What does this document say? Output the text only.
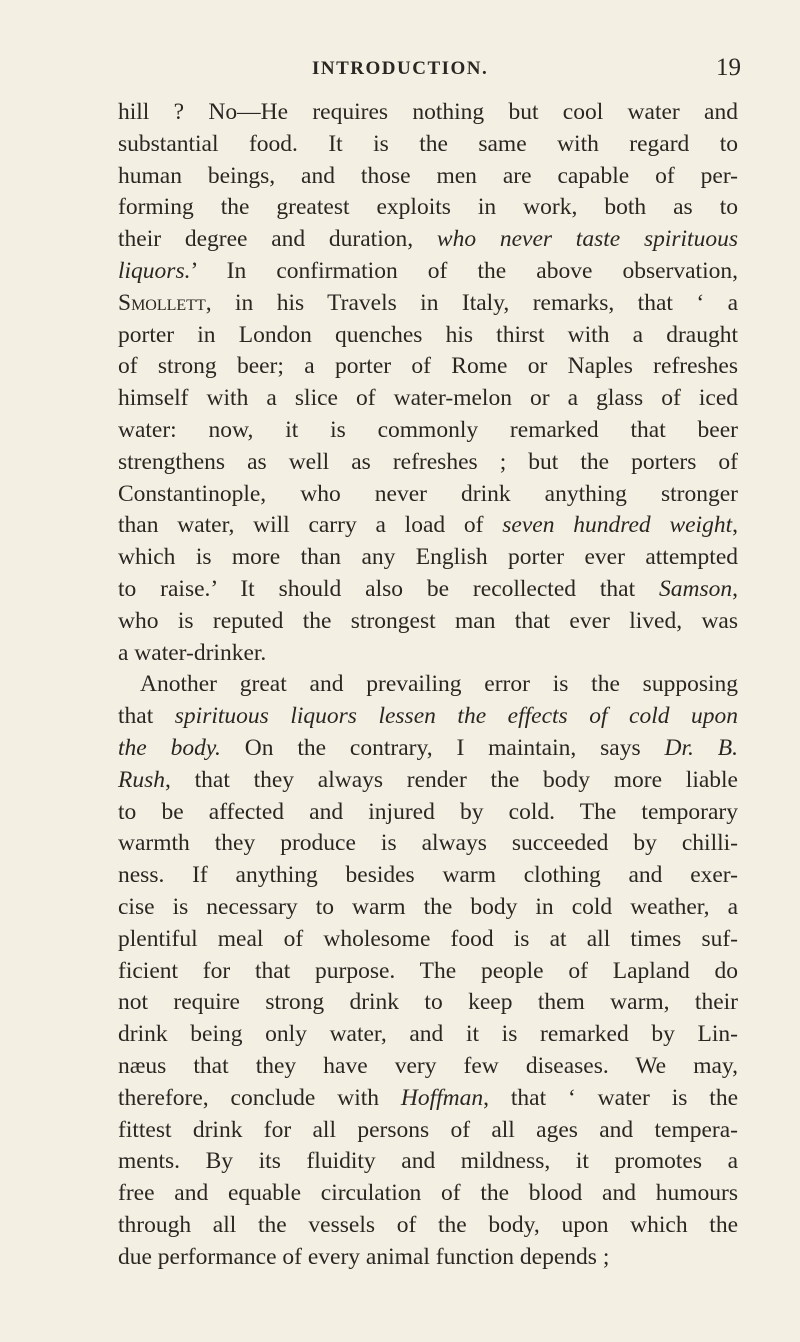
INTRODUCTION.	19
hill ? No—He requires nothing but cool water and
substantial food. It is the same with regard to
human beings, and those men are capable of per-
forming the greatest exploits in work, both as to
their degree and duration, who never taste spirituous
liquors.’ In confirmation of the above observation,
Smollett, in his Travels in Italy, remarks, that ‘ a
porter in London quenches his thirst with a draught
of strong beer; a porter of Rome or Naples refreshes
himself with a slice of water-melon or a glass of iced
water: now, it is commonly remarked that beer
strengthens as well as refreshes ; but the porters of
Constantinople, who never drink anything stronger
than water, will carry a load of seven hundred weight,
which is more than any English porter ever attempted
to raise.’ It should also be recollected that Samson,
who is reputed the strongest man that ever lived, was
a water-drinker.
Another great and prevailing error is the supposing
that spirituous liquors lessen the effects of cold upon
the body. On the contrary, I maintain, says Dr. B.
Rush, that they always render the body more liable
to be affected and injured by cold. The temporary
warmth they produce is always succeeded by chilli-
ness. If anything besides warm clothing and exer-
cise is necessary to warm the body in cold weather, a
plentiful meal of wholesome food is at all times suf-
ficient for that purpose. The people of Lapland do
not require strong drink to keep them warm, their
drink being only water, and it is remarked by Lin-
næus that they have very few diseases. We may,
therefore, conclude with Hoffman, that ‘ water is the
fittest drink for all persons of all ages and tempera-
ments. By its fluidity and mildness, it promotes a
free and equable circulation of the blood and humours
through all the vessels of the body, upon which the
due performance of every animal function depends ;
